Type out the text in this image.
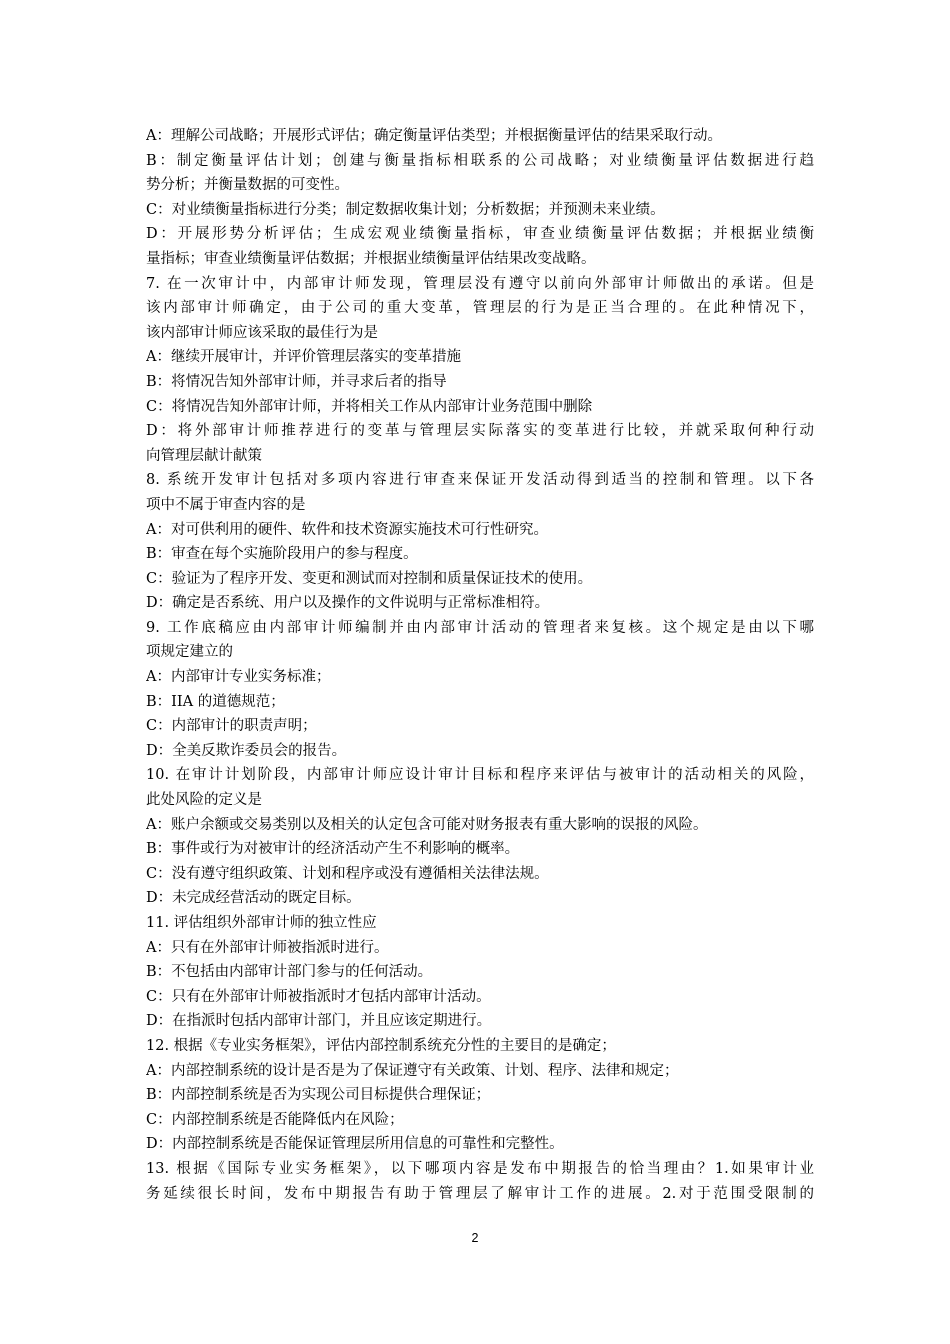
A：理解公司战略；开展形式评估；确定衡量评估类型；并根据衡量评估的结果采取行动。
B：制定衡量评估计划；创建与衡量指标相联系的公司战略；对业绩衡量评估数据进行趋
势分析；并衡量数据的可变性。
C：对业绩衡量指标进行分类；制定数据收集计划；分析数据；并预测未来业绩。
D：开展形势分析评估；生成宏观业绩衡量指标，审查业绩衡量评估数据；并根据业绩衡
量指标；审查业绩衡量评估数据；并根据业绩衡量评估结果改变战略。
7. 在一次审计中，内部审计师发现，管理层没有遵守以前向外部审计师做出的承诺。但是
该内部审计师确定，由于公司的重大变革，管理层的行为是正当合理的。在此种情况下，
该内部审计师应该采取的最佳行为是
A：继续开展审计，并评价管理层落实的变革措施
B：将情况告知外部审计师，并寻求后者的指导
C：将情况告知外部审计师，并将相关工作从内部审计业务范围中删除
D：将外部审计师推荐进行的变革与管理层实际落实的变革进行比较，并就采取何种行动
向管理层献计献策
8. 系统开发审计包括对多项内容进行审查来保证开发活动得到适当的控制和管理。以下各
项中不属于审查内容的是
A：对可供利用的硬件、软件和技术资源实施技术可行性研究。
B：审查在每个实施阶段用户的参与程度。
C：验证为了程序开发、变更和测试而对控制和质量保证技术的使用。
D：确定是否系统、用户以及操作的文件说明与正常标准相符。
9. 工作底稿应由内部审计师编制并由内部审计活动的管理者来复核。这个规定是由以下哪
项规定建立的
A：内部审计专业实务标准；
B：IIA 的道德规范；
C：内部审计的职责声明；
D：全美反欺诈委员会的报告。
10. 在审计计划阶段，内部审计师应设计审计目标和程序来评估与被审计的活动相关的风险，
此处风险的定义是
A：账户余额或交易类别以及相关的认定包含可能对财务报表有重大影响的误报的风险。
B：事件或行为对被审计的经济活动产生不利影响的概率。
C：没有遵守组织政策、计划和程序或没有遵循相关法律法规。
D：未完成经营活动的既定目标。
11. 评估组织外部审计师的独立性应
A：只有在外部审计师被指派时进行。
B：不包括由内部审计部门参与的任何活动。
C：只有在外部审计师被指派时才包括内部审计活动。
D：在指派时包括内部审计部门，并且应该定期进行。
12. 根据《专业实务框架》，评估内部控制系统充分性的主要目的是确定；
A：内部控制系统的设计是否是为了保证遵守有关政策、计划、程序、法律和规定；
B：内部控制系统是否为实现公司目标提供合理保证；
C：内部控制系统是否能降低内在风险；
D：内部控制系统是否能保证管理层所用信息的可靠性和完整性。
13. 根据《国际专业实务框架》，以下哪项内容是发布中期报告的恰当理由？1.如果审计业
务延续很长时间，发布中期报告有助于管理层了解审计工作的进展。2.对于范围受限制的
2
